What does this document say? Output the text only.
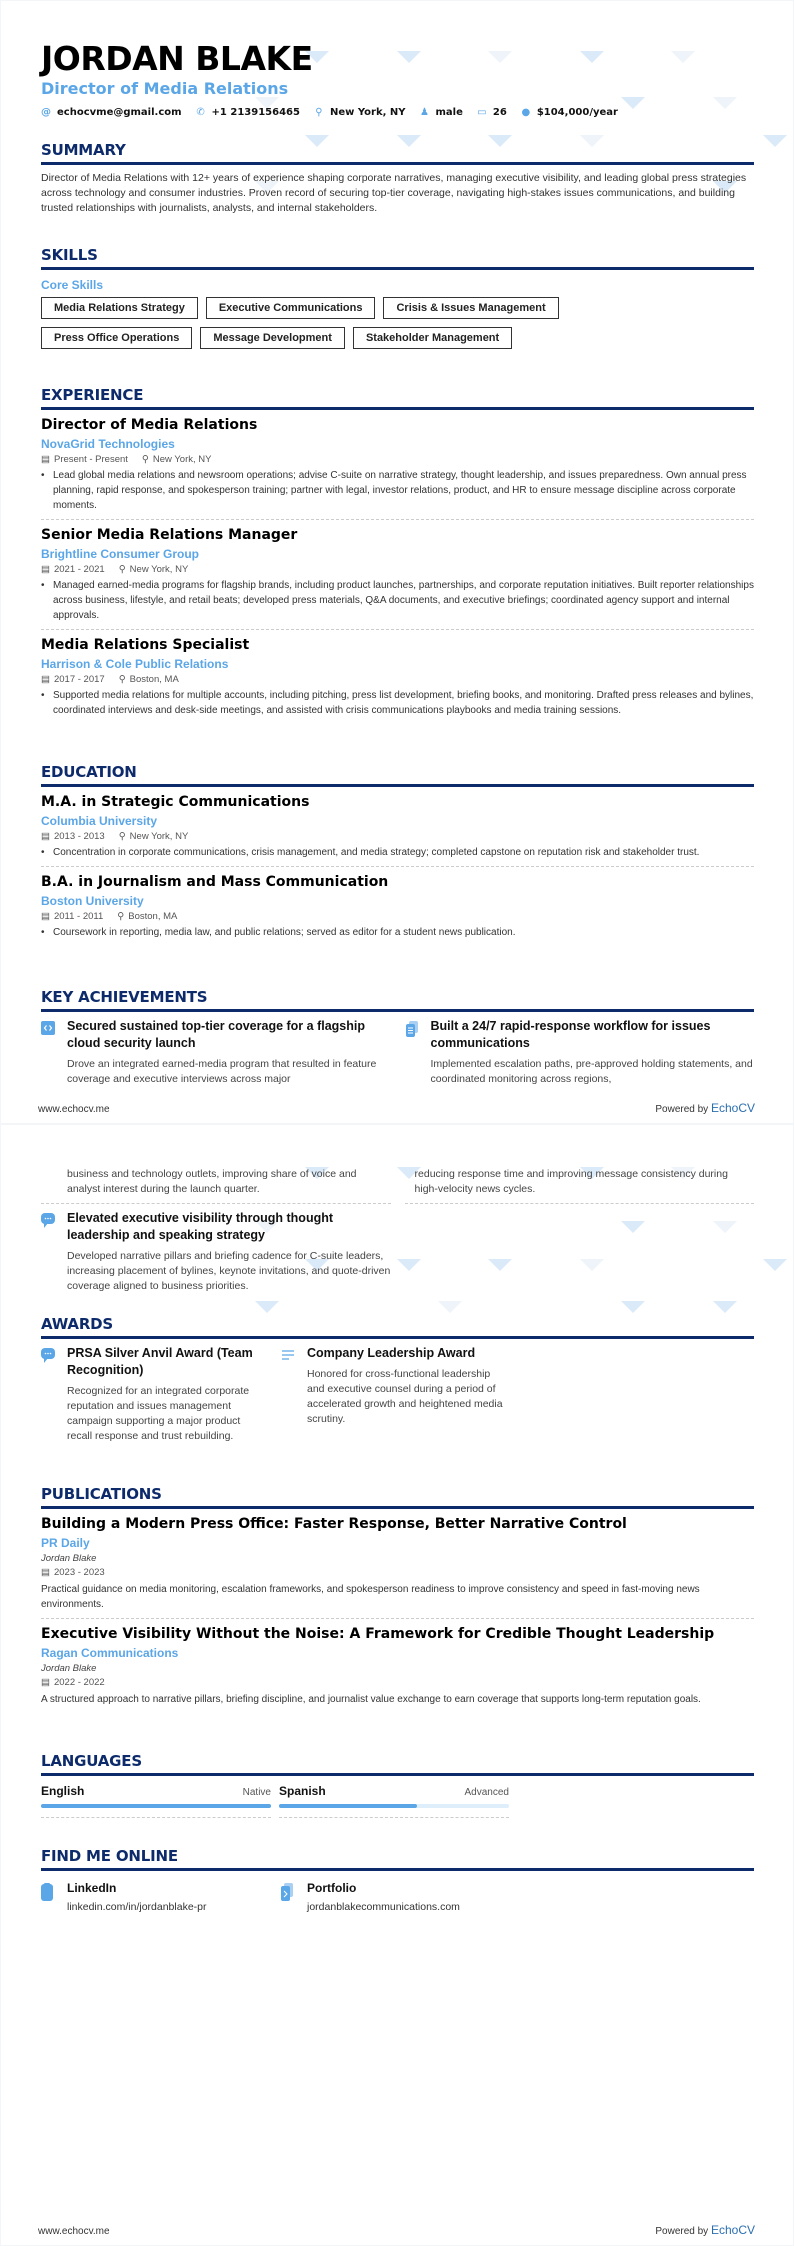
JORDAN BLAKE
Director of Media Relations
@ echocvme@gmail.com ✆ +1 2139156465 ⚲ New York, NY ♟ male ▭ 26 ● $104,000/year
SUMMARY
Director of Media Relations with 12+ years of experience shaping corporate narratives, managing executive visibility, and leading global press strategies across technology and consumer industries. Proven record of securing top-tier coverage, navigating high-stakes issues communications, and building trusted relationships with journalists, analysts, and internal stakeholders.
SKILLS
Core Skills
Media Relations Strategy	Executive Communications	Crisis & Issues Management
Press Office Operations	Message Development	Stakeholder Management
EXPERIENCE
Director of Media Relations
NovaGrid Technologies
▤ Present - Present ⚲ New York, NY
• Lead global media relations and newsroom operations; advise C-suite on narrative strategy, thought leadership, and issues preparedness. Own annual press planning, rapid response, and spokesperson training; partner with legal, investor relations, product, and HR to ensure message discipline across corporate moments.
Senior Media Relations Manager
Brightline Consumer Group
▤ 2021 - 2021 ⚲ New York, NY
• Managed earned-media programs for flagship brands, including product launches, partnerships, and corporate reputation initiatives. Built reporter relationships across business, lifestyle, and retail beats; developed press materials, Q&A documents, and executive briefings; coordinated agency support and internal approvals.
Media Relations Specialist
Harrison & Cole Public Relations
▤ 2017 - 2017 ⚲ Boston, MA
• Supported media relations for multiple accounts, including pitching, press list development, briefing books, and monitoring. Drafted press releases and bylines, coordinated interviews and desk-side meetings, and assisted with crisis communications playbooks and media training sessions.
EDUCATION
M.A. in Strategic Communications
Columbia University
▤ 2013 - 2013 ⚲ New York, NY
• Concentration in corporate communications, crisis management, and media strategy; completed capstone on reputation risk and stakeholder trust.
B.A. in Journalism and Mass Communication
Boston University
▤ 2011 - 2011 ⚲ Boston, MA
• Coursework in reporting, media law, and public relations; served as editor for a student news publication.
KEY ACHIEVEMENTS
Secured sustained top-tier coverage for a flagship cloud security launch
Drove an integrated earned-media program that resulted in feature coverage and executive interviews across major
Built a 24/7 rapid-response workflow for issues communications
Implemented escalation paths, pre-approved holding statements, and coordinated monitoring across regions,
www.echocv.me	Powered by EchoCV
business and technology outlets, improving share of voice and analyst interest during the launch quarter.
reducing response time and improving message consistency during high-velocity news cycles.
Elevated executive visibility through thought leadership and speaking strategy
Developed narrative pillars and briefing cadence for C-suite leaders, increasing placement of bylines, keynote invitations, and quote-driven coverage aligned to business priorities.
AWARDS
PRSA Silver Anvil Award (Team Recognition)
Recognized for an integrated corporate reputation and issues management campaign supporting a major product recall response and trust rebuilding.
Company Leadership Award
Honored for cross-functional leadership and executive counsel during a period of accelerated growth and heightened media scrutiny.
PUBLICATIONS
Building a Modern Press Office: Faster Response, Better Narrative Control
PR Daily
Jordan Blake
▤ 2023 - 2023
Practical guidance on media monitoring, escalation frameworks, and spokesperson readiness to improve consistency and speed in fast-moving news environments.
Executive Visibility Without the Noise: A Framework for Credible Thought Leadership
Ragan Communications
Jordan Blake
▤ 2022 - 2022
A structured approach to narrative pillars, briefing discipline, and journalist value exchange to earn coverage that supports long-term reputation goals.
LANGUAGES
English	Native Spanish	Advanced
FIND ME ONLINE
LinkedIn
linkedin.com/in/jordanblake-pr
Portfolio
jordanblakecommunications.com
www.echocv.me	Powered by EchoCV
